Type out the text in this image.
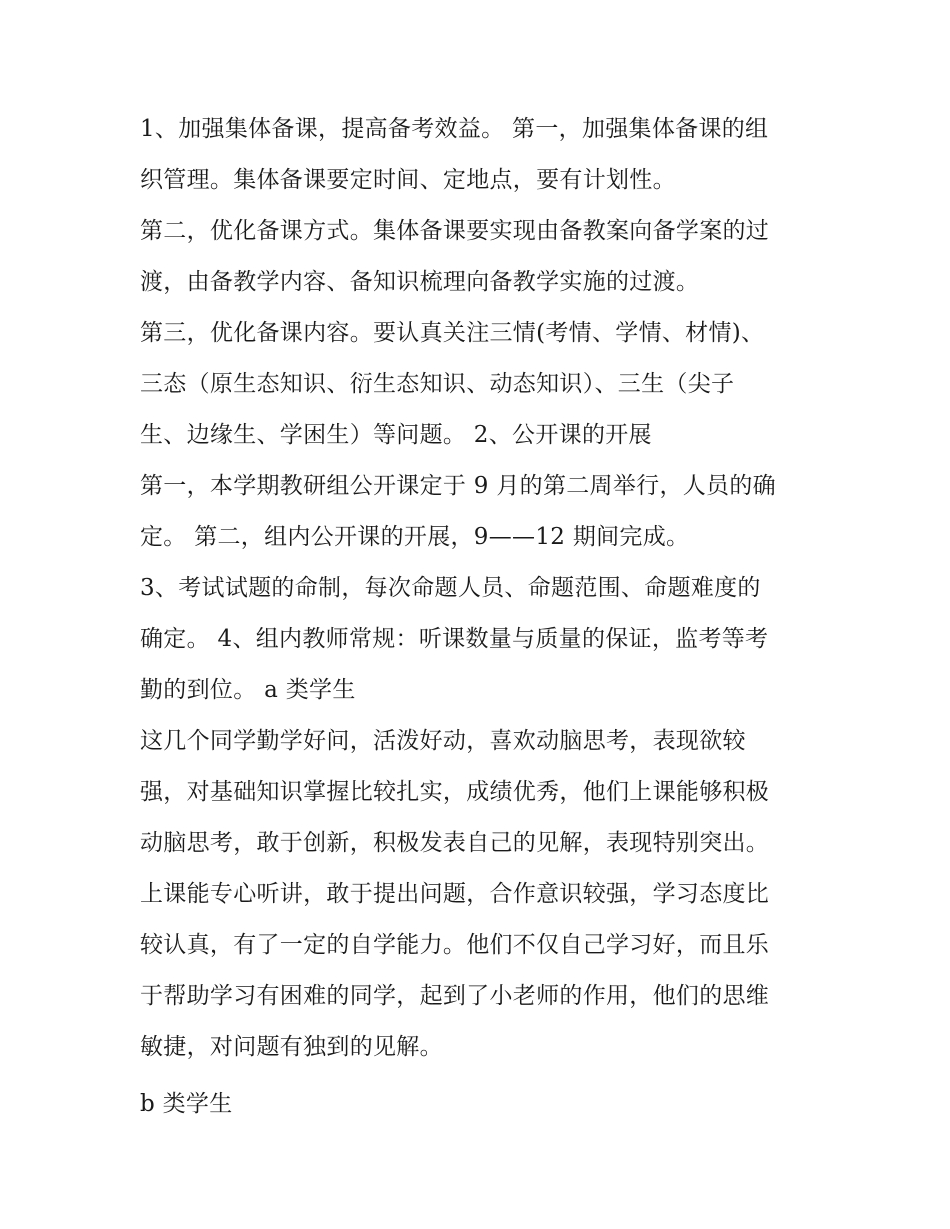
1、加强集体备课，提高备考效益。 第一，加强集体备课的组
织管理。集体备课要定时间、定地点，要有计划性。
第二，优化备课方式。集体备课要实现由备教案向备学案的过
渡，由备教学内容、备知识梳理向备教学实施的过渡。
第三，优化备课内容。要认真关注三情(考情、学情、材情)、
三态（原生态知识、衍生态知识、动态知识）、三生（尖子
生、边缘生、学困生）等问题。 2、公开课的开展
第一，本学期教研组公开课定于 9 月的第二周举行，人员的确
定。 第二，组内公开课的开展，9——12 期间完成。
3、考试试题的命制，每次命题人员、命题范围、命题难度的
确定。 4、组内教师常规：听课数量与质量的保证，监考等考
勤的到位。 a 类学生
这几个同学勤学好问，活泼好动，喜欢动脑思考，表现欲较
强，对基础知识掌握比较扎实，成绩优秀，他们上课能够积极
动脑思考，敢于创新，积极发表自己的见解，表现特别突出。
上课能专心听讲，敢于提出问题，合作意识较强，学习态度比
较认真，有了一定的自学能力。他们不仅自己学习好，而且乐
于帮助学习有困难的同学，起到了小老师的作用，他们的思维
敏捷，对问题有独到的见解。
b 类学生
